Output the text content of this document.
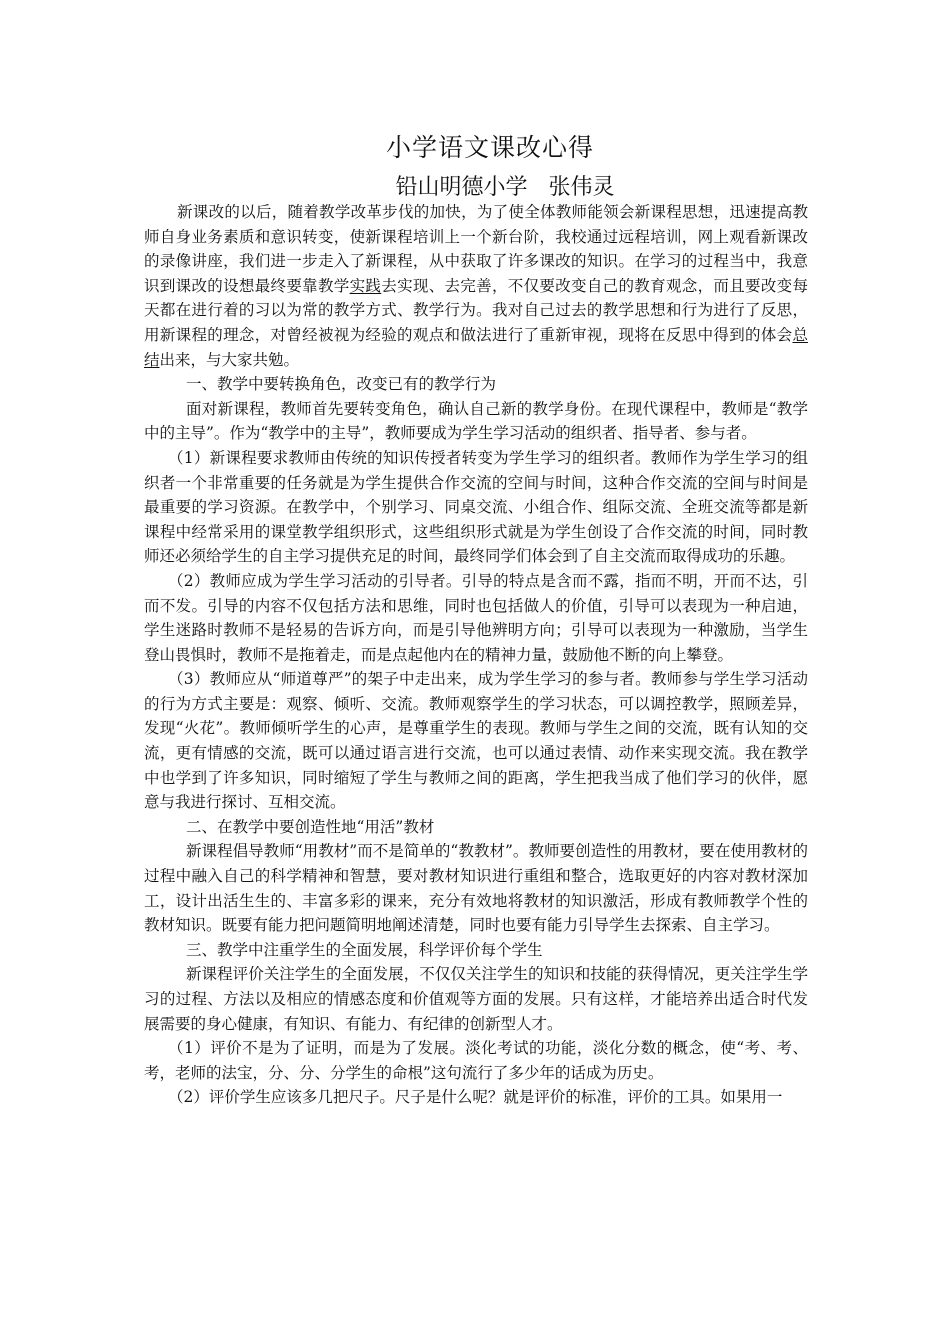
小学语文课改心得
铅山明德小学   张伟灵

新课改的以后，随着教学改革步伐的加快，为了使全体教师能领会新课程思想，迅速提高教师自身业务素质和意识转变，使新课程培训上一个新台阶，我校通过远程培训，网上观看新课改的录像讲座，我们进一步走入了新课程，从中获取了许多课改的知识。在学习的过程当中，我意识到课改的设想最终要靠教学实践去实现、去完善，不仅要改变自己的教育观念，而且要改变每天都在进行着的习以为常的教学方式、教学行为。我对自己过去的教学思想和行为进行了反思，用新课程的理念，对曾经被视为经验的观点和做法进行了重新审视，现将在反思中得到的体会总结出来，与大家共勉。

一、教学中要转换角色，改变已有的教学行为

面对新课程，教师首先要转变角色，确认自己新的教学身份。在现代课程中，教师是“教学中的主导”。作为“教学中的主导”，教师要成为学生学习活动的组织者、指导者、参与者。

（1）新课程要求教师由传统的知识传授者转变为学生学习的组织者。教师作为学生学习的组织者一个非常重要的任务就是为学生提供合作交流的空间与时间，这种合作交流的空间与时间是最重要的学习资源。在教学中，个别学习、同桌交流、小组合作、组际交流、全班交流等都是新课程中经常采用的课堂教学组织形式，这些组织形式就是为学生创设了合作交流的时间，同时教师还必须给学生的自主学习提供充足的时间，最终同学们体会到了自主交流而取得成功的乐趣。

（2）教师应成为学生学习活动的引导者。引导的特点是含而不露，指而不明，开而不达，引而不发。引导的内容不仅包括方法和思维，同时也包括做人的价值，引导可以表现为一种启迪，学生迷路时教师不是轻易的告诉方向，而是引导他辨明方向；引导可以表现为一种激励，当学生登山畏惧时，教师不是拖着走，而是点起他内在的精神力量，鼓励他不断的向上攀登。

（3）教师应从“师道尊严”的架子中走出来，成为学生学习的参与者。教师参与学生学习活动的行为方式主要是：观察、倾听、交流。教师观察学生的学习状态，可以调控教学，照顾差异，发现“火花”。教师倾听学生的心声，是尊重学生的表现。教师与学生之间的交流，既有认知的交流，更有情感的交流，既可以通过语言进行交流，也可以通过表情、动作来实现交流。我在教学中也学到了许多知识，同时缩短了学生与教师之间的距离，学生把我当成了他们学习的伙伴，愿意与我进行探讨、互相交流。

二、在教学中要创造性地“用活”教材

新课程倡导教师“用教材”而不是简单的“教教材”。教师要创造性的用教材，要在使用教材的过程中融入自己的科学精神和智慧，要对教材知识进行重组和整合，选取更好的内容对教材深加工，设计出活生生的、丰富多彩的课来，充分有效地将教材的知识激活，形成有教师教学个性的教材知识。既要有能力把问题简明地阐述清楚，同时也要有能力引导学生去探索、自主学习。

三、教学中注重学生的全面发展，科学评价每个学生

新课程评价关注学生的全面发展，不仅仅关注学生的知识和技能的获得情况，更关注学生学习的过程、方法以及相应的情感态度和价值观等方面的发展。只有这样，才能培养出适合时代发展需要的身心健康，有知识、有能力、有纪律的创新型人才。

（1）评价不是为了证明，而是为了发展。淡化考试的功能，淡化分数的概念，使“考、考、考，老师的法宝，分、分、分学生的命根”这句流行了多少年的话成为历史。

（2）评价学生应该多几把尺子。尺子是什么呢？就是评价的标准，评价的工具。如果用一
